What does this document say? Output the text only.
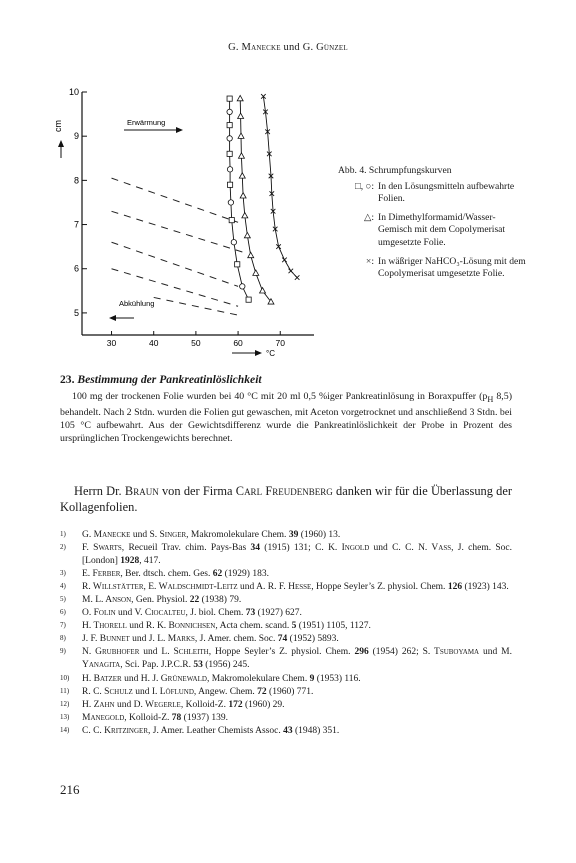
G. Manecke und G. Günzel
5
6
7
8
9
10
30	40	50	60	70
cm	Erwärmung
Abkühlung
°C
Abb. 4. Schrumpfungskurven
□, ○: In den Lösungsmitteln aufbewahrte Folien.
△: In Dimethylformamid/Wasser-Gemisch mit dem Copolymerisat umgesetzte Folie.
×: In wäßriger NaHCO₃-Lösung mit dem Copolymerisat umgesetzte Folie.
23. Bestimmung der Pankreatinlöslichkeit
100 mg der trockenen Folie wurden bei 40 °C mit 20 ml 0,5 %iger Pankreatinlösung in Boraxpuffer ($p_H$ 8,5) behandelt. Nach 2 Stdn. wurden die Folien gut gewaschen, mit Aceton vorgetrocknet und anschließend 3 Stdn. bei 105 °C aufbewahrt. Aus der Gewichtsdifferenz wurde die Pankreatinlöslichkeit der Probe in Prozent des ursprünglichen Trockengewichts berechnet.
Herrn Dr. Braun von der Firma Carl Freudenberg danken wir für die Überlassung der Kollagenfolien.
1)	G. Manecke und S. Singer, Makromolekulare Chem. 39 (1960) 13.
2)	F. Swarts, Recueil Trav. chim. Pays-Bas 34 (1915) 131; C. K. Ingold und C. C. N. Vass, J. chem. Soc. [London] 1928, 417.
3)	E. Ferber, Ber. dtsch. chem. Ges. 62 (1929) 183.
4)	R. Willstätter, E. Waldschmidt-Leitz und A. R. F. Hesse, Hoppe Seyler’s Z. physiol. Chem. 126 (1923) 143.
5)	M. L. Anson, Gen. Physiol. 22 (1938) 79.
6)	O. Folin und V. Ciocalteu, J. biol. Chem. 73 (1927) 627.
7)	H. Thorell und R. K. Bonnichsen, Acta chem. scand. 5 (1951) 1105, 1127.
8)	J. F. Bunnet und J. L. Marks, J. Amer. chem. Soc. 74 (1952) 5893.
9)	N. Grubhofer und L. Schleith, Hoppe Seyler’s Z. physiol. Chem. 296 (1954) 262; S. Tsuboyama und M. Yanagita, Sci. Pap. J.P.C.R. 53 (1956) 245.
10)	H. Batzer und H. J. Grünewald, Makromolekulare Chem. 9 (1953) 116.
11)	R. C. Schulz und I. Löflund, Angew. Chem. 72 (1960) 771.
12)	H. Zahn und D. Wegerle, Kolloid-Z. 172 (1960) 29.
13)	Manegold, Kolloid-Z. 78 (1937) 139.
14)	C. C. Kritzinger, J. Amer. Leather Chemists Assoc. 43 (1948) 351.
216
